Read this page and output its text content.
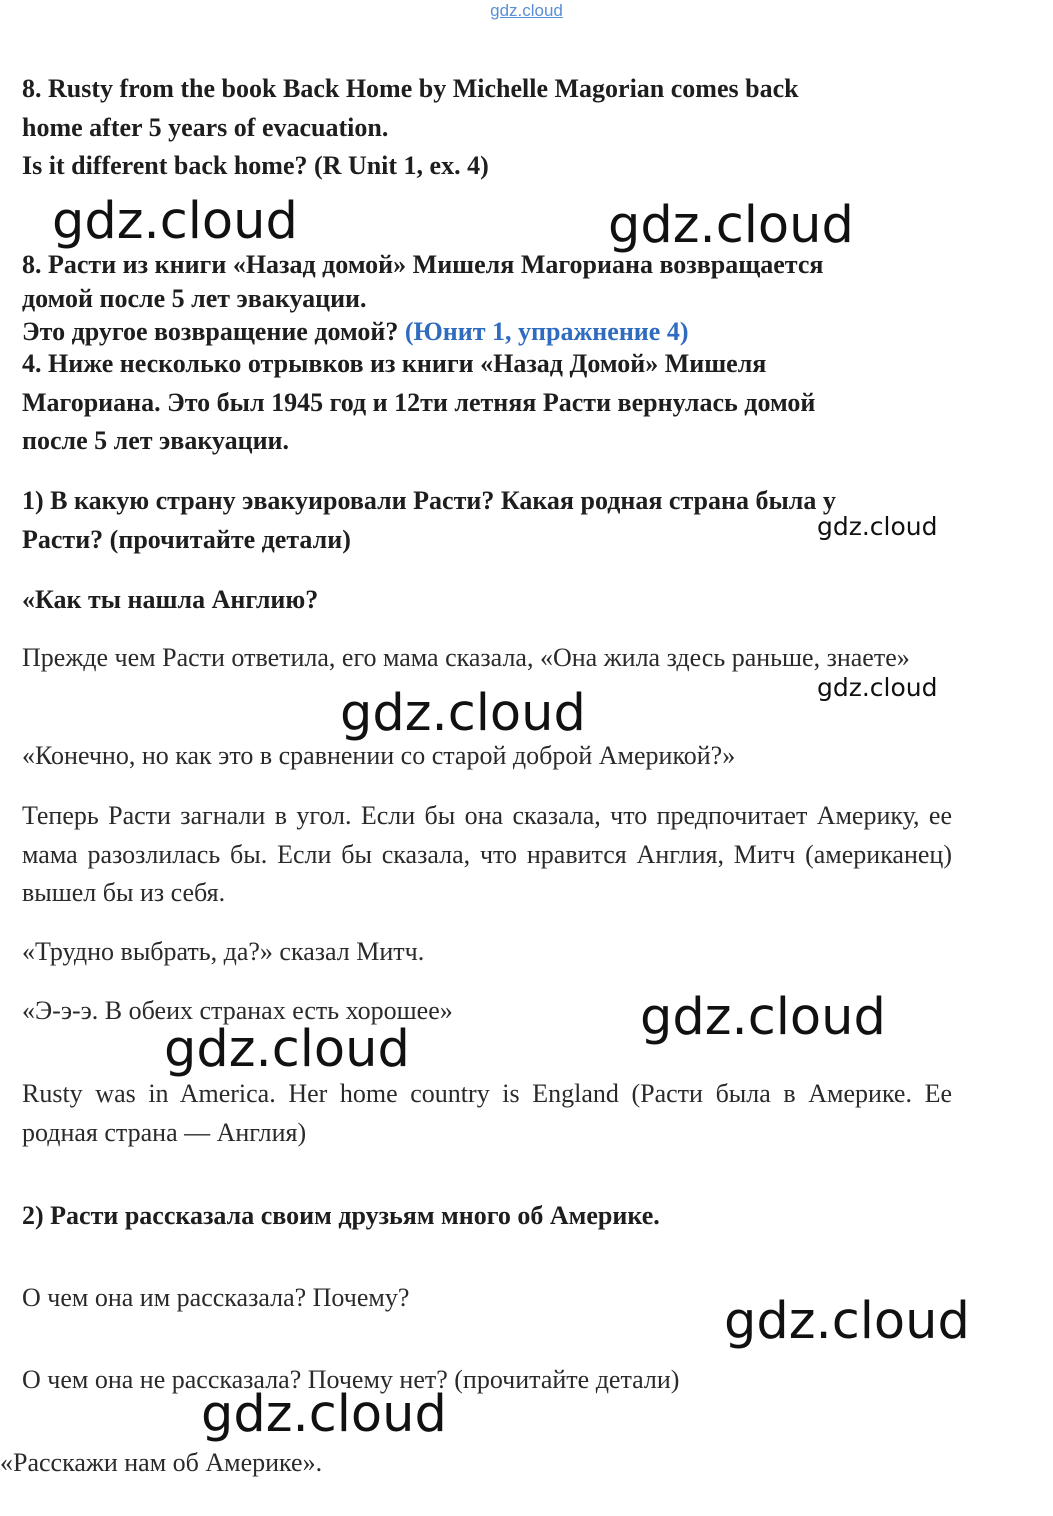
gdz.cloud
8. Rusty from the book Back Home by Michelle Magorian comes back
home after 5 years of evacuation.
Is it different back home? (R Unit 1, ex. 4)
8. Расти из книги «Назад домой» Мишеля Магориана возвращается
домой после 5 лет эвакуации.
Это другое возвращение домой? (Юнит 1, упражнение 4)
4. Ниже несколько отрывков из книги «Назад Домой» Мишеля
Магориана. Это был 1945 год и 12ти летняя Расти вернулась домой
после 5 лет эвакуации.
1) В какую страну эвакуировали Расти? Какая родная страна была у
Расти? (прочитайте детали)
«Как ты нашла Англию?
Прежде чем Расти ответила, его мама сказала, «Она жила здесь раньше, знаете»
«Конечно, но как это в сравнении со старой доброй Америкой?»
Теперь Расти загнали в угол. Если бы она сказала, что предпочитает Америку, ее мама разозлилась бы. Если бы сказала, что нравится Англия, Митч (американец) вышел бы из себя.
«Трудно выбрать, да?» сказал Митч.
«Э-э-э. В обеих странах есть хорошее»
Rusty was in America. Her home country is England (Расти была в Америке. Ее родная страна — Англия)
2) Расти рассказала своим друзьям много об Америке.
О чем она им рассказала? Почему?
О чем она не рассказала? Почему нет? (прочитайте детали)
«Расскажи нам об Америке».
gdz.cloud	gdz.cloud
gdz.cloud
gdz.cloud
gdz.cloud
gdz.cloud
gdz.cloud
gdz.cloud
gdz.cloud
